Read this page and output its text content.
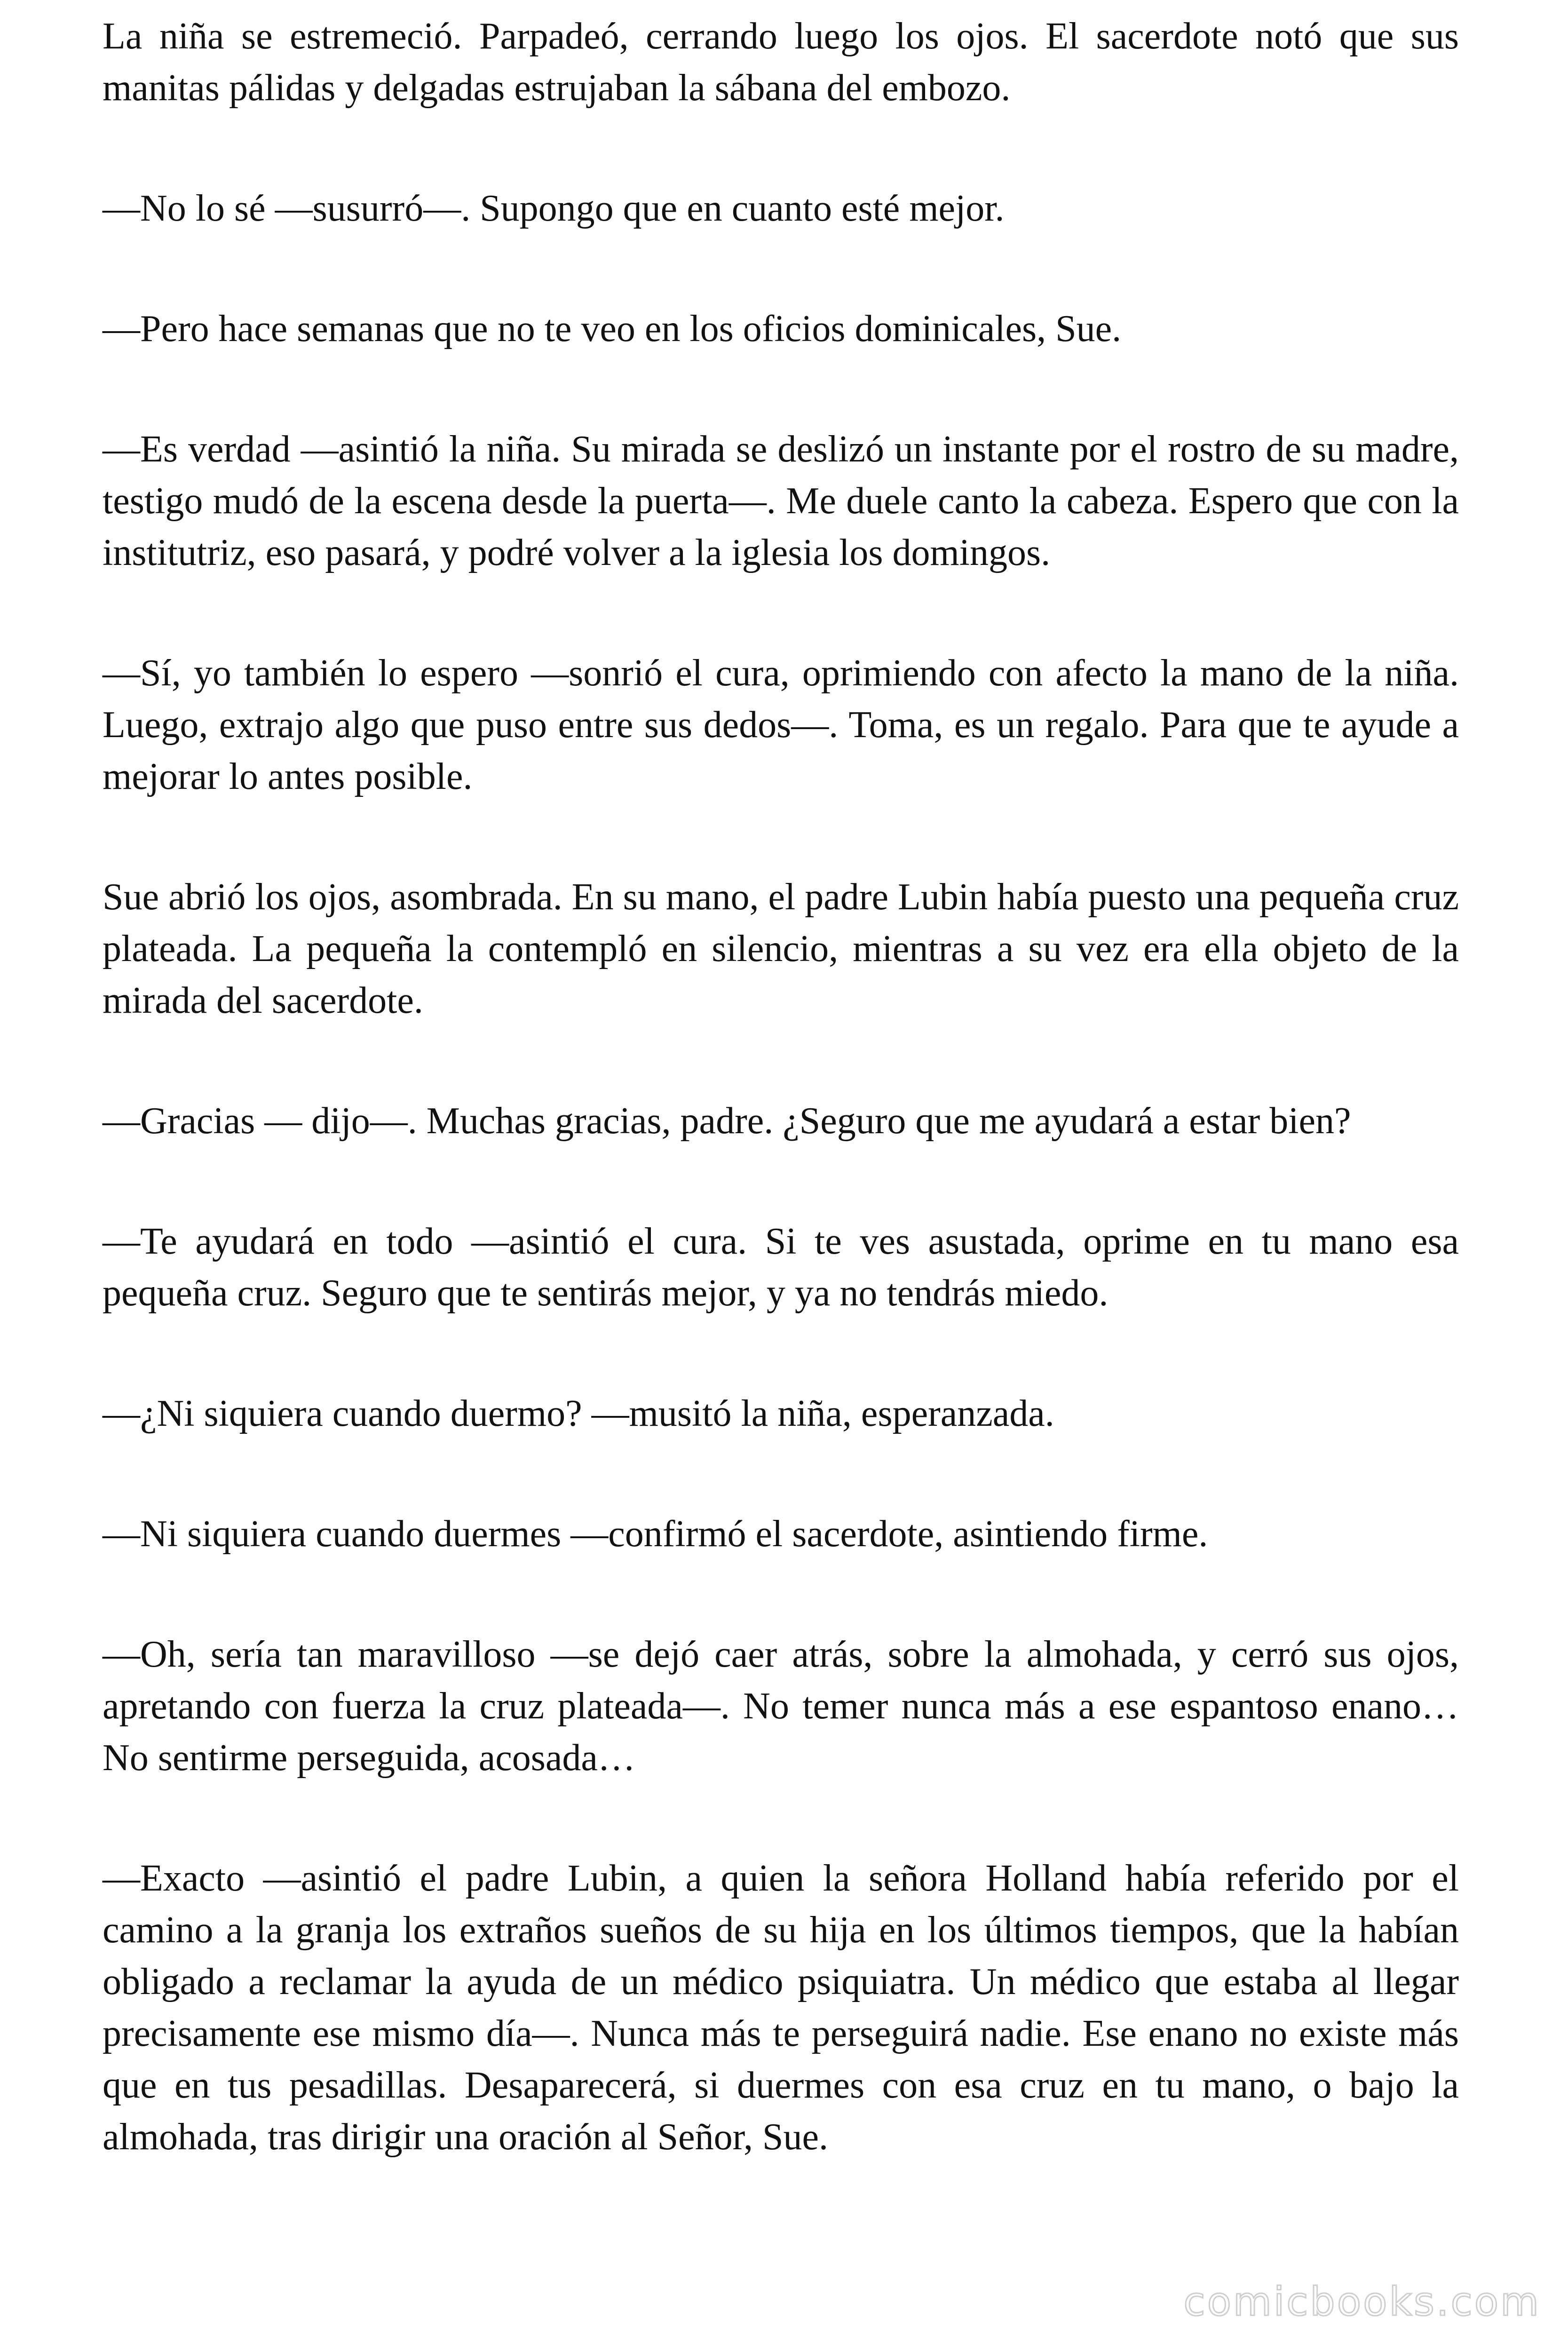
La niña se estremeció. Parpadeó, cerrando luego los ojos. El sacerdote notó que sus manitas pálidas y delgadas estrujaban la sábana del embozo.

—No lo sé —susurró—. Supongo que en cuanto esté mejor.

—Pero hace semanas que no te veo en los oficios dominicales, Sue.

—Es verdad —asintió la niña. Su mirada se deslizó un instante por el rostro de su madre, testigo mudó de la escena desde la puerta—. Me duele canto la cabeza. Espero que con la institutriz, eso pasará, y podré volver a la iglesia los domingos.

—Sí, yo también lo espero —sonrió el cura, oprimiendo con afecto la mano de la niña. Luego, extrajo algo que puso entre sus dedos—. Toma, es un regalo. Para que te ayude a mejorar lo antes posible.

Sue abrió los ojos, asombrada. En su mano, el padre Lubin había puesto una pequeña cruz plateada. La pequeña la contempló en silencio, mientras a su vez era ella objeto de la mirada del sacerdote.

—Gracias — dijo—. Muchas gracias, padre. ¿Seguro que me ayudará a estar bien?

—Te ayudará en todo —asintió el cura. Si te ves asustada, oprime en tu mano esa pequeña cruz. Seguro que te sentirás mejor, y ya no tendrás miedo.

—¿Ni siquiera cuando duermo? —musitó la niña, esperanzada.

—Ni siquiera cuando duermes —confirmó el sacerdote, asintiendo firme.

—Oh, sería tan maravilloso —se dejó caer atrás, sobre la almohada, y cerró sus ojos, apretando con fuerza la cruz plateada—. No temer nunca más a ese espantoso enano… No sentirme perseguida, acosada…

—Exacto —asintió el padre Lubin, a quien la señora Holland había referido por el camino a la granja los extraños sueños de su hija en los últimos tiempos, que la habían obligado a reclamar la ayuda de un médico psiquiatra. Un médico que estaba al llegar precisamente ese mismo día—. Nunca más te perseguirá nadie. Ese enano no existe más que en tus pesadillas. Desaparecerá, si duermes con esa cruz en tu mano, o bajo la almohada, tras dirigir una oración al Señor, Sue.

comicbooks.com
